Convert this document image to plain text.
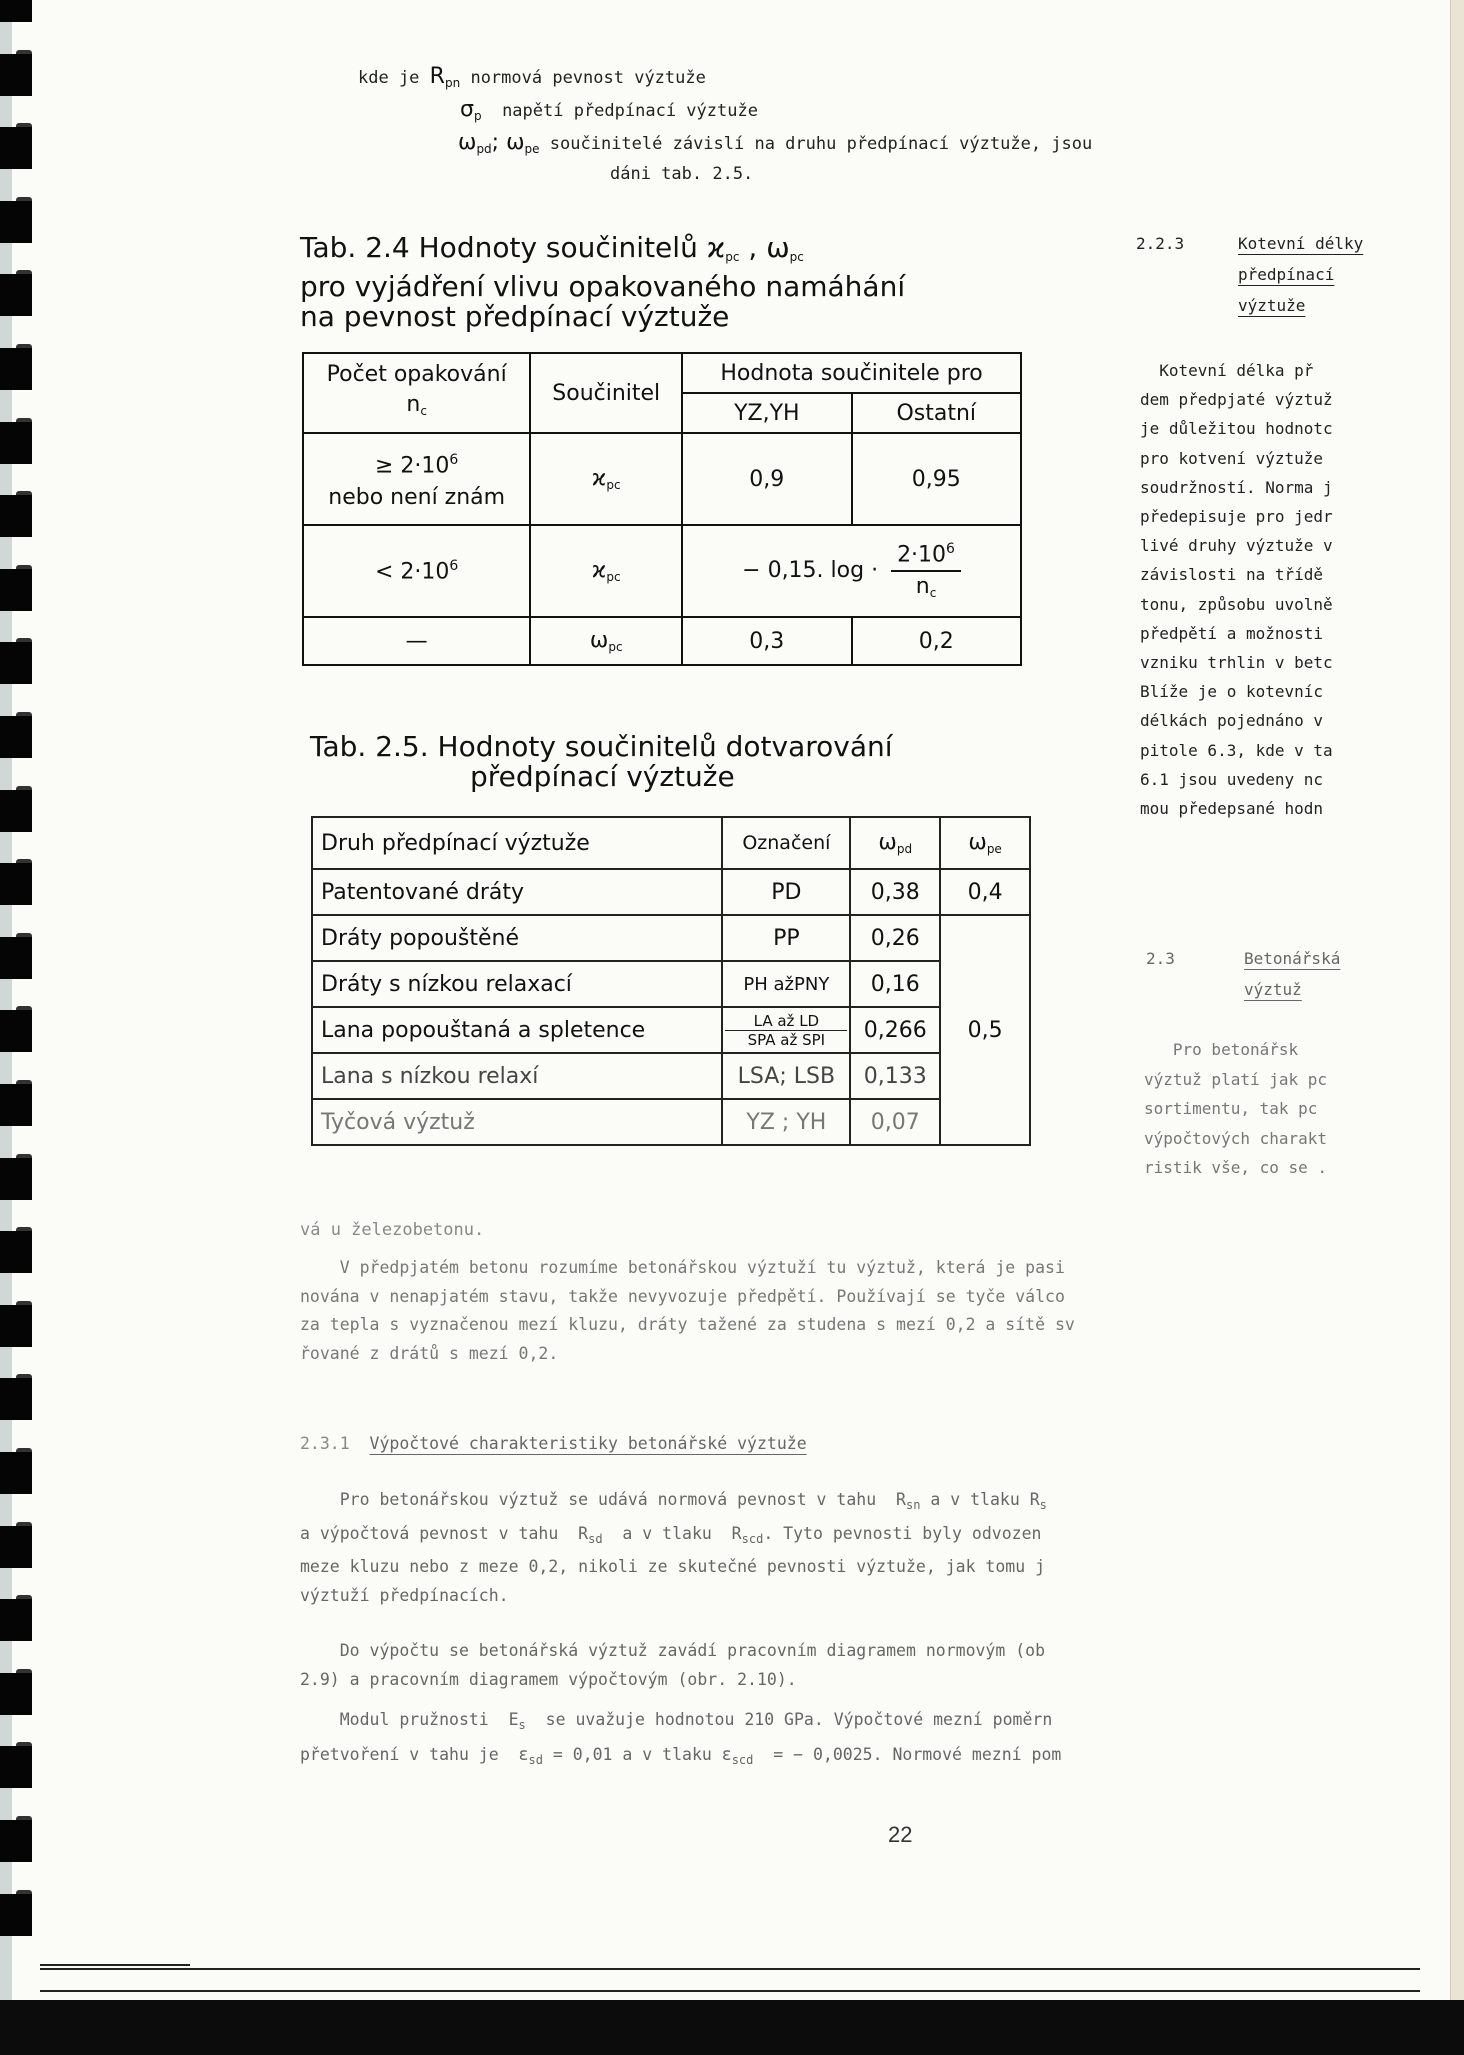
kde je $R_{pn}$ normová pevnost výztuže
$\sigma_p$ napětí předpínací výztuže
$\omega_{pd}$; $\omega_{pe}$ součinitelé závislí na druhu předpínací výztuže, jsou
dáni tab. 2.5.
Tab. 2.4 Hodnoty součinitelů $ϰ_{pc}$ , $\omega_{pc}$
pro vyjádření vlivu opakovaného namáhání
na pevnost předpínací výztuže
Počet opakování
$n_c$	Součinitel	Hodnota součinitele pro	
		YZ,YH	Ostatní

≥ $2\cdot 10^6$
nebo není znám	$ϰ_{pc}$	0,9	0,95
< $2\cdot 10^6$	$ϰ_{pc}$	− 0,15. $\log \cdot \frac{2\cdot 10^6}{n_c}$

—	$\omega_{pc}$	0,3	0,2
Tab. 2.5. Hodnoty součinitelů dotvarování
předpínací výztuže
Druh předpínací výztuže	Označení	$\omega_{pd}$	$\omega_{pe}$
Patentované dráty	PD	0,38	0,4
Dráty popouštěné	PP	0,26	0,5
Dráty s nízkou relaxací	PH ažPNY	0,16	
Lana popouštaná a spletence	LA až LD
SPA až SPI	0,266	
Lana s nízkou relaxí	LSA; LSB	0,133	
Tyčová výztuž	YZ ; YH	0,07	
2.2.3	Kotevní délky
předpínací
výztuže
Kotevní délka př
dem předpjaté výztuž
je důležitou hodnotc
pro kotvení výztuže
soudržností. Norma j
předepisuje pro jedr
livé druhy výztuže v
závislosti na třídě
tonu, způsobu uvolně
předpětí a možnosti
vzniku trhlin v betc
Blíže je o kotevníc
délkách pojednáno v
pitole 6.3, kde v ta
6.1 jsou uvedeny nc
mou předepsané hodn
2.3	Betonářská
výztuž
Pro betonářsk
výztuž platí jak pc
sortimentu, tak pc
výpočtových charakt
ristik vše, co se .
vá u železobetonu.
V předpjatém betonu rozumíme betonářskou výztuží tu výztuž, která je pasi
nována v nenapjatém stavu, takže nevyvozuje předpětí. Používají se tyče válco
za tepla s vyznačenou mezí kluzu, dráty tažené za studena s mezí 0,2 a sítě sv
řované z drátů s mezí 0,2.
2.3.1 Výpočtové charakteristiky betonářské výztuže
Pro betonářskou výztuž se udává normová pevnost v tahu  $R_{sn}$ a v tlaku $R_s$
a výpočtová pevnost v tahu  $R_{sd}$  a v tlaku  $R_{scd}$. Tyto pevnosti byly odvozen
meze kluzu nebo z meze 0,2, nikoli ze skutečné pevnosti výztuže, jak tomu j
výztuží předpínacích.
Do výpočtu se betonářská výztuž zavádí pracovním diagramem normovým (ob
2.9) a pracovním diagramem výpočtovým (obr. 2.10).
Modul pružnosti  $E_s$  se uvažuje hodnotou 210 GPa. Výpočtové mezní poměrn
přetvoření v tahu je  $\varepsilon_{sd} = 0,01$ a v tlaku $\varepsilon_{scd}$  = − 0,0025. Normové mezní pom
22
